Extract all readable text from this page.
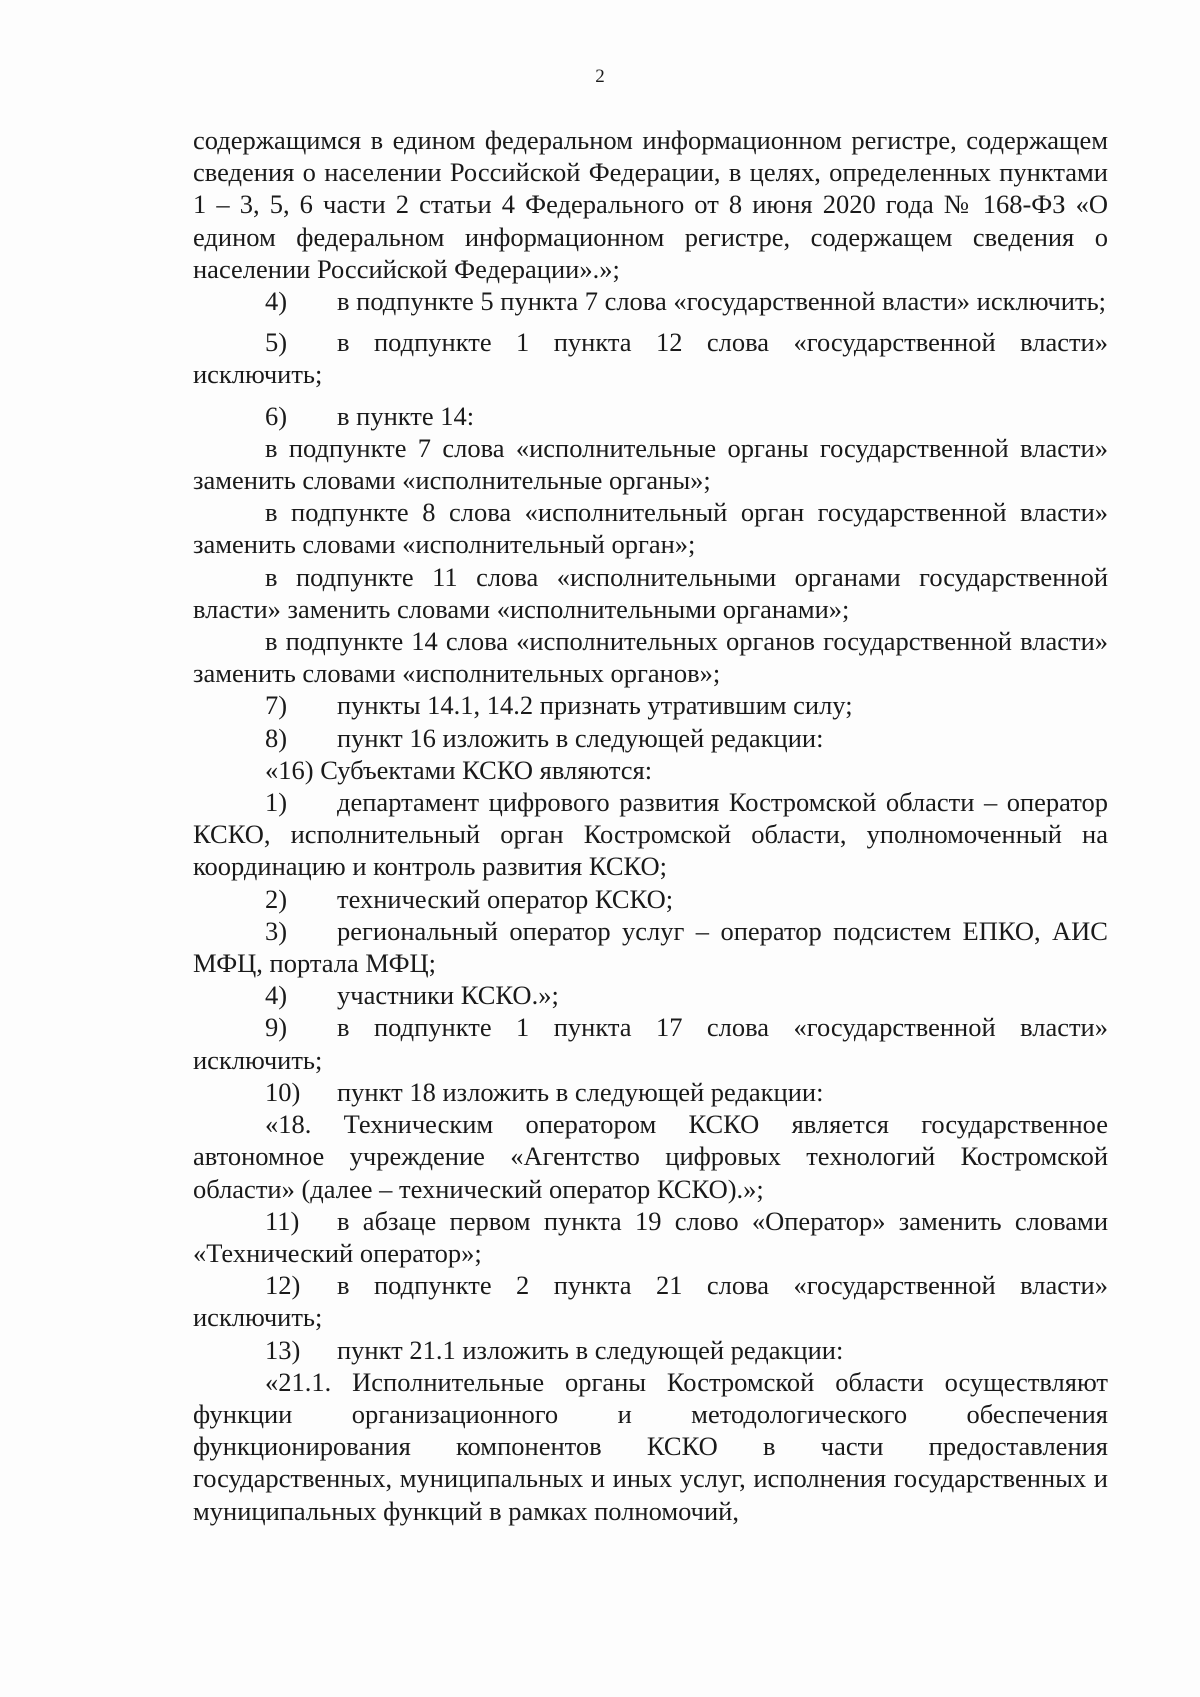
2

содержащимся в едином федеральном информационном регистре, содержащем сведения о населении Российской Федерации, в целях, определенных пунктами 1 – 3, 5, 6 части 2 статьи 4 Федерального от 8 июня 2020 года № 168-ФЗ «О едином федеральном информационном регистре, содержащем сведения о населении Российской Федерации».»;

4) в подпункте 5 пункта 7 слова «государственной власти» исключить;

5) в подпункте 1 пункта 12 слова «государственной власти» исключить;

6) в пункте 14:

в подпункте 7 слова «исполнительные органы государственной власти» заменить словами «исполнительные органы»;

в подпункте 8 слова «исполнительный орган государственной власти» заменить словами «исполнительный орган»;

в подпункте 11 слова «исполнительными органами государственной власти» заменить словами «исполнительными органами»;

в подпункте 14 слова «исполнительных органов государственной власти» заменить словами «исполнительных органов»;

7) пункты 14.1, 14.2 признать утратившим силу;

8) пункт 16 изложить в следующей редакции:

«16) Субъектами КСКО являются:

1) департамент цифрового развития Костромской области – оператор КСКО, исполнительный орган Костромской области, уполномоченный на координацию и контроль развития КСКО;

2) технический оператор КСКО;

3) региональный оператор услуг – оператор подсистем ЕПКО, АИС МФЦ, портала МФЦ;

4) участники КСКО.»;

9) в подпункте 1 пункта 17 слова «государственной власти» исключить;

10) пункт 18 изложить в следующей редакции:

«18. Техническим оператором КСКО является государственное автономное учреждение «Агентство цифровых технологий Костромской области» (далее – технический оператор КСКО).»;

11) в абзаце первом пункта 19 слово «Оператор» заменить словами «Технический оператор»;

12) в подпункте 2 пункта 21 слова «государственной власти» исключить;

13) пункт 21.1 изложить в следующей редакции:

«21.1. Исполнительные органы Костромской области осуществляют функции организационного и методологического обеспечения функционирования компонентов КСКО в части предоставления государственных, муниципальных и иных услуг, исполнения государственных и муниципальных функций в рамках полномочий,
